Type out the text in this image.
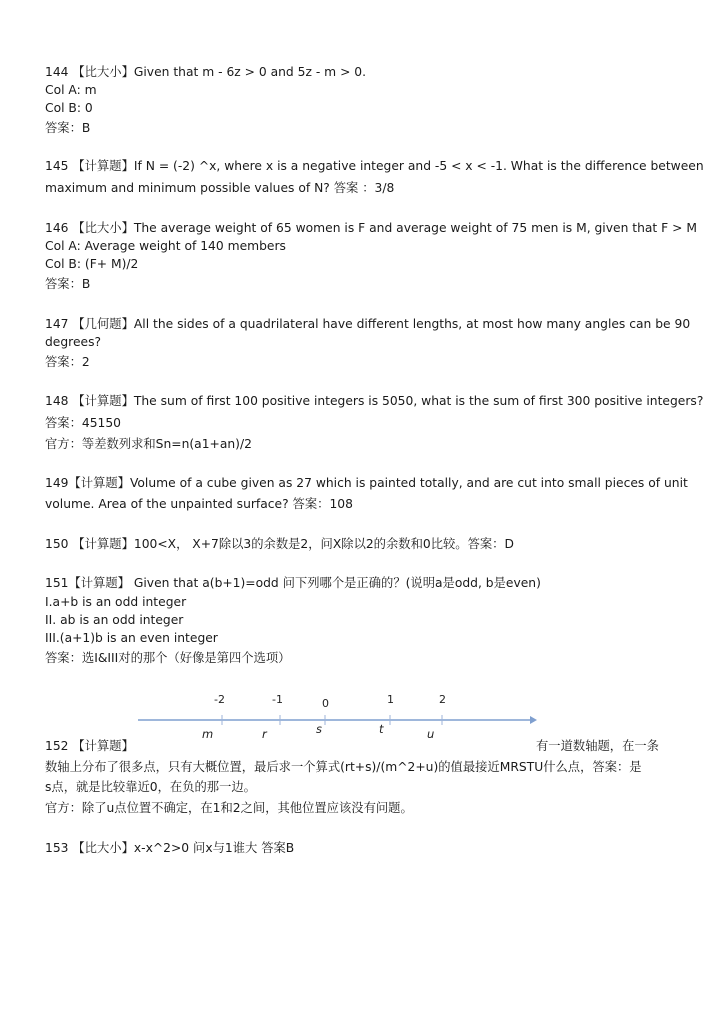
144 【比大小】Given that m - 6z > 0 and 5z - m > 0.
Col A: m
Col B: 0
答案：B
145 【计算题】If N = (-2) ^x, where x is a negative integer and -5 < x < -1. What is the difference between
maximum and minimum possible values of N? 答案 ：3/8
146 【比大小】The average weight of 65 women is F and average weight of 75 men is M, given that F > M
Col A: Average weight of 140 members
Col B: (F+ M)/2
答案：B
147 【几何题】All the sides of a quadrilateral have different lengths, at most how many angles can be 90
degrees?
答案：2
148 【计算题】The sum of first 100 positive integers is 5050, what is the sum of first 300 positive integers?
答案：45150
官方：等差数列求和Sn=n(a1+an)/2
149【计算题】Volume of a cube given as 27 which is painted totally, and are cut into small pieces of unit
volume. Area of the unpainted surface? 答案：108
150 【计算题】100<X， X+7除以3的余数是2，问X除以2的余数和0比较。答案：D
151【计算题】 Given that a(b+1)=odd 问下列哪个是正确的？(说明a是odd, b是even)
I.a+b is an odd integer
II. ab is an odd integer
III.(a+1)b is an even integer
答案：选I&III对的那个（好像是第四个选项）
-2	-1	0	1	2
m	r	s	t	u
152 【计算题】	有一道数轴题，在一条
数轴上分布了很多点，只有大概位置，最后求一个算式(rt+s)/(m^2+u)的值最接近MRSTU什么点，答案：是
s点，就是比较靠近0，在负的那一边。
官方：除了u点位置不确定，在1和2之间，其他位置应该没有问题。
153 【比大小】x-x^2>0 问x与1谁大 答案B
